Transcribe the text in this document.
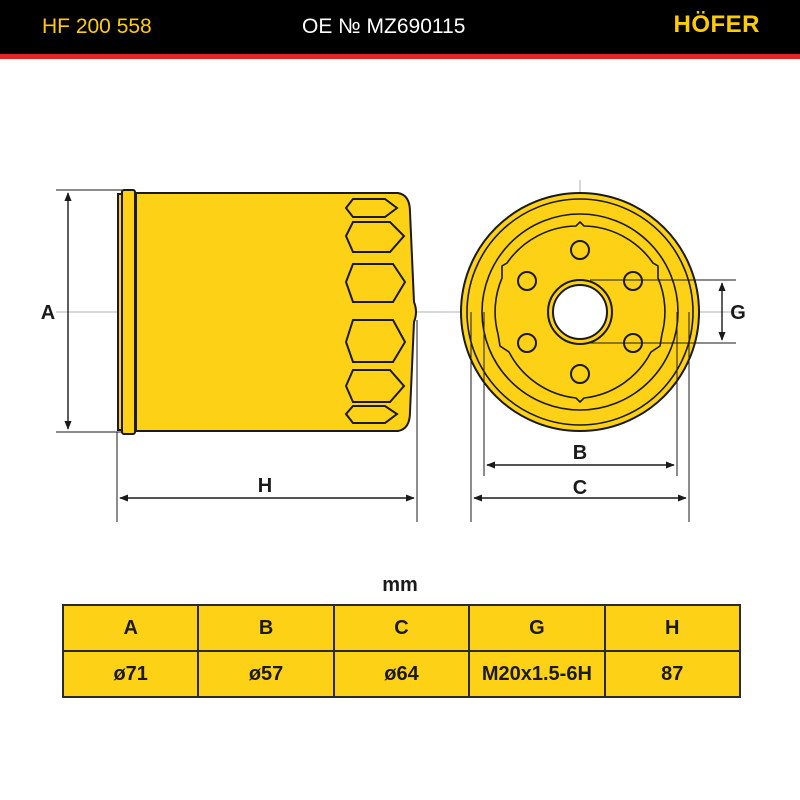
HF 200 558	OE № MZ690115	HÖFER
A
H
G
B
C
mm
A	B	C	G	H
ø71	ø57	ø64	M20x1.5-6H	87
